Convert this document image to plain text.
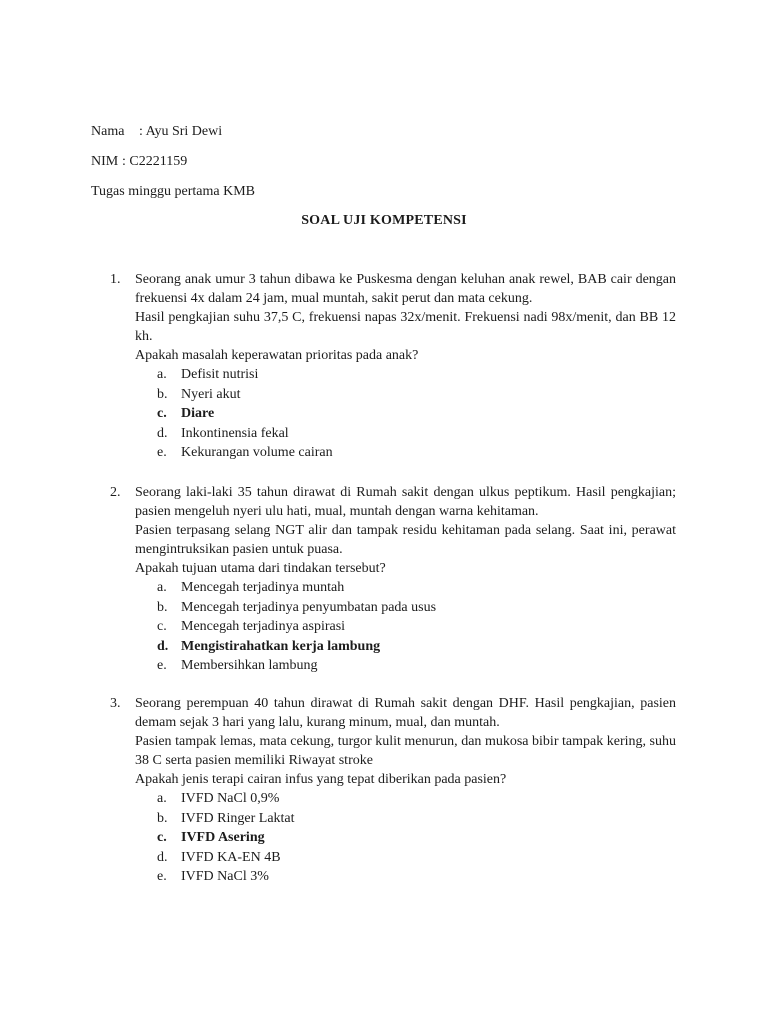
Nama : Ayu Sri Dewi
NIM : C2221159
Tugas minggu pertama KMB
SOAL UJI KOMPETENSI
1. Seorang anak umur 3 tahun dibawa ke Puskesma dengan keluhan anak rewel, BAB cair dengan frekuensi 4x dalam 24 jam, mual muntah, sakit perut dan mata cekung.

Hasil pengkajian suhu 37,5 C, frekuensi napas 32x/menit. Frekuensi nadi 98x/menit, dan BB 12 kh.

Apakah masalah keperawatan prioritas pada anak?

a. Defisit nutrisi
b. Nyeri akut
c. Diare
d. Inkontinensia fekal
e. Kekurangan volume cairan
2. Seorang laki-laki 35 tahun dirawat di Rumah sakit dengan ulkus peptikum. Hasil pengkajian; pasien mengeluh nyeri ulu hati, mual, muntah dengan warna kehitaman.

Pasien terpasang selang NGT alir dan tampak residu kehitaman pada selang. Saat ini, perawat mengintruksikan pasien untuk puasa.

Apakah tujuan utama dari tindakan tersebut?

a. Mencegah terjadinya muntah
b. Mencegah terjadinya penyumbatan pada usus
c. Mencegah terjadinya aspirasi
d. Mengistirahatkan kerja lambung
e. Membersihkan lambung
3. Seorang perempuan 40 tahun dirawat di Rumah sakit dengan DHF. Hasil pengkajian, pasien demam sejak 3 hari yang lalu, kurang minum, mual, dan muntah.

Pasien tampak lemas, mata cekung, turgor kulit menurun, dan mukosa bibir tampak kering, suhu 38 C serta pasien memiliki Riwayat stroke

Apakah jenis terapi cairan infus yang tepat diberikan pada pasien?

a. IVFD NaCl 0,9%
b. IVFD Ringer Laktat
c. IVFD Asering
d. IVFD KA-EN 4B
e. IVFD NaCl 3%
